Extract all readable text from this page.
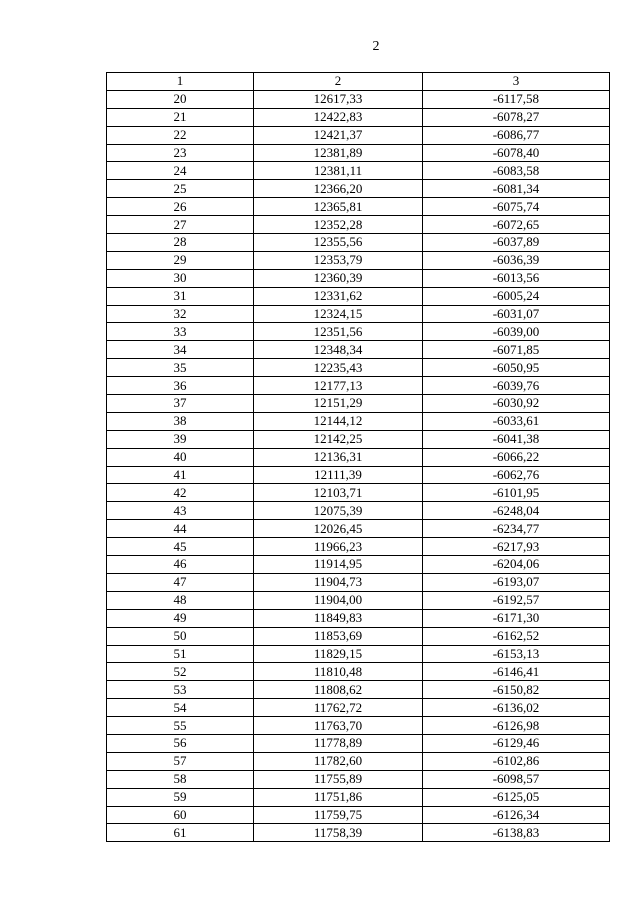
2
1	2	3
20	12617,33	-6117,58
21	12422,83	-6078,27
22	12421,37	-6086,77
23	12381,89	-6078,40
24	12381,11	-6083,58
25	12366,20	-6081,34
26	12365,81	-6075,74
27	12352,28	-6072,65
28	12355,56	-6037,89
29	12353,79	-6036,39
30	12360,39	-6013,56
31	12331,62	-6005,24
32	12324,15	-6031,07
33	12351,56	-6039,00
34	12348,34	-6071,85
35	12235,43	-6050,95
36	12177,13	-6039,76
37	12151,29	-6030,92
38	12144,12	-6033,61
39	12142,25	-6041,38
40	12136,31	-6066,22
41	12111,39	-6062,76
42	12103,71	-6101,95
43	12075,39	-6248,04
44	12026,45	-6234,77
45	11966,23	-6217,93
46	11914,95	-6204,06
47	11904,73	-6193,07
48	11904,00	-6192,57
49	11849,83	-6171,30
50	11853,69	-6162,52
51	11829,15	-6153,13
52	11810,48	-6146,41
53	11808,62	-6150,82
54	11762,72	-6136,02
55	11763,70	-6126,98
56	11778,89	-6129,46
57	11782,60	-6102,86
58	11755,89	-6098,57
59	11751,86	-6125,05
60	11759,75	-6126,34
61	11758,39	-6138,83
